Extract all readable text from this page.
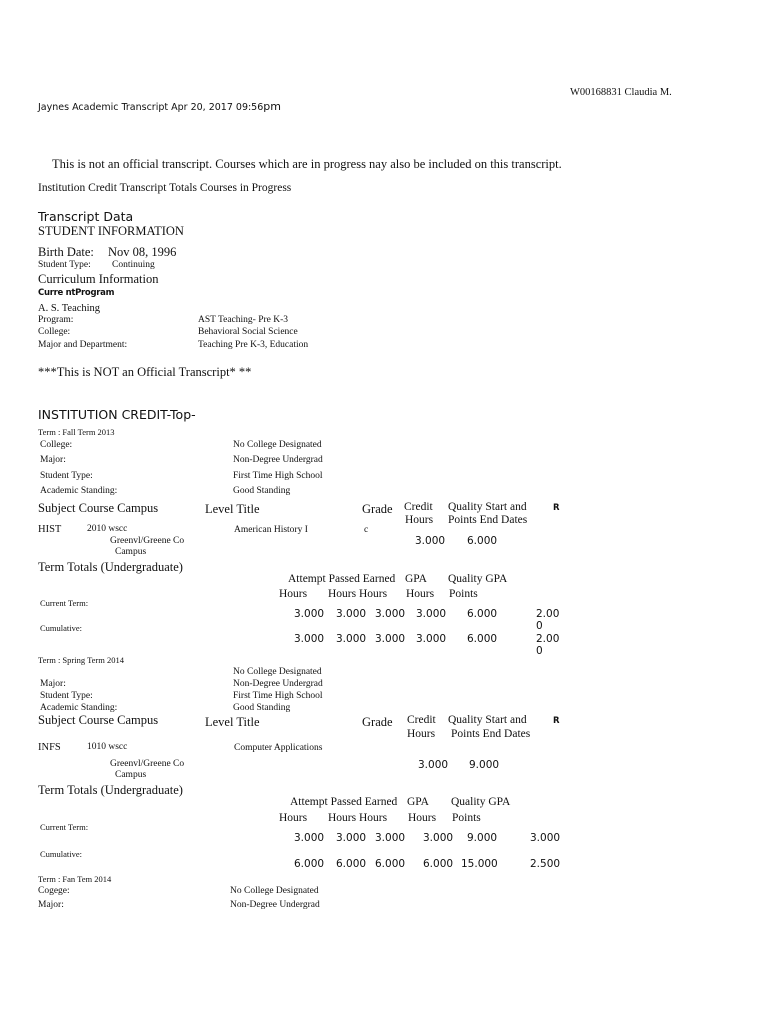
W00168831 Claudia M.
Jaynes Academic Transcript Apr 20, 2017 09:56pm
This is not an official transcript. Courses which are in progress nay also be included on this transcript.
Institution Credit Transcript Totals Courses in Progress
Transcript Data
STUDENT INFORMATION
Birth Date: Nov 08, 1996
Student Type: Continuing
Curriculum Information
Curre ntProgram
A. S. Teaching
Program:	AST Teaching- Pre K-3
College:	Behavioral Social Science
Major and Department:	Teaching Pre K-3, Education
***This is NOT an Official Transcript* **
INSTITUTION CREDIT-Top-
Term : Fall Term 2013
College:	No College Designated
Major:	Non-Degree Undergrad
Student Type:	First Time High School
Academic Standing:	Good Standing
Subject Course Campus	Level Title	Grade Credit
Hours
Quality Start and
Points End Dates
R
HIST	2010 wscc	American History I	c
Greenvl/Greene Co	3.000 6.000
Campus
Term Totals (Undergraduate)
Attempt Passed Earned GPA Quality GPA
Hours Hours Hours Hours Points
Current Term:
3.000 3.000 3.000 3.000 6.000	2.00
0
Cumulative:
3.000 3.000 3.000 3.000 6.000	2.00
0
Term : Spring Term 2014
No College Designated
Major:	Non-Degree Undergrad
Student Type:	First Time High School
Academic Standing:	Good Standing
Subject Course Campus	Level Title	Grade Credit
Hours
Quality Start and
Points End Dates
R
INFS	1010 wscc	Computer Applications
Greenvl/Greene Co	3.000 9.000
Campus
Term Totals (Undergraduate)
Attempt Passed Earned GPA Quality GPA
Hours Hours Hours Hours Points
Current Term:
3.000 3.000 3.000 3.000 9.000	3.000
Cumulative:
6.000 6.000 6.000 6.000 15.000	2.500
Term : Fan Tem 2014
Cogege:	No College Designated
Major:	Non-Degree Undergrad
